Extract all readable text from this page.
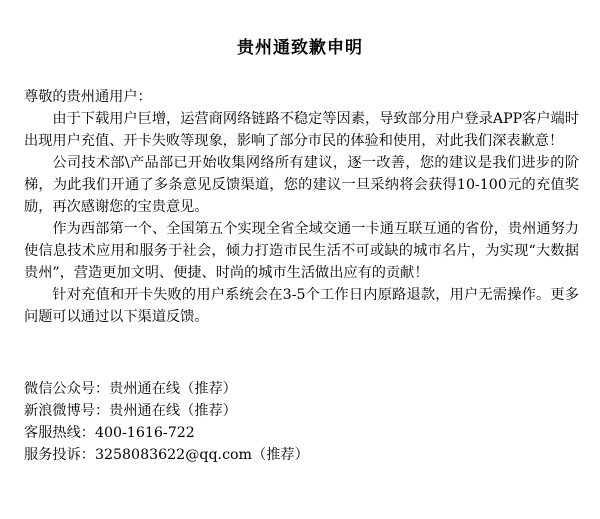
贵州通致歉申明

尊敬的贵州通用户：

由于下载用户巨增，运营商网络链路不稳定等因素，导致部分用户登录APP客户端时出现用户充值、开卡失败等现象，影响了部分市民的体验和使用，对此我们深表歉意！

公司技术部\产品部已开始收集网络所有建议，逐一改善，您的建议是我们进步的阶梯，为此我们开通了多条意见反馈渠道，您的建议一旦采纳将会获得10-100元的充值奖励，再次感谢您的宝贵意见。

作为西部第一个、全国第五个实现全省全域交通一卡通互联互通的省份，贵州通努力使信息技术应用和服务于社会，倾力打造市民生活不可或缺的城市名片，为实现“大数据贵州”，营造更加文明、便捷、时尚的城市生活做出应有的贡献！

针对充值和开卡失败的用户系统会在3-5个工作日内原路退款，用户无需操作。更多问题可以通过以下渠道反馈。

微信公众号：贵州通在线（推荐）

新浪微博号：贵州通在线（推荐）

客服热线：400-1616-722

服务投诉：3258083622@qq.com（推荐）
